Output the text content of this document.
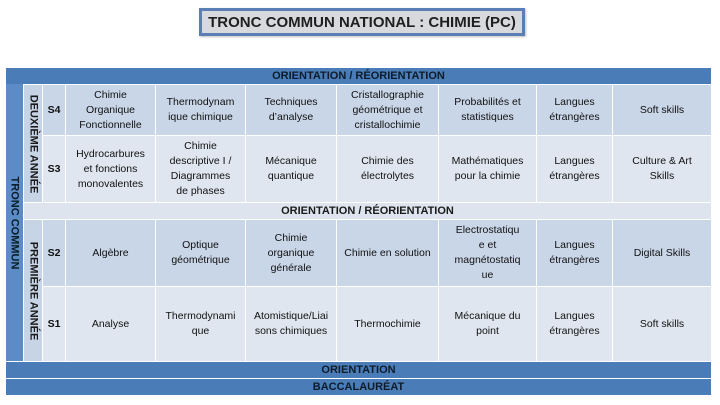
TRONC COMMUN NATIONAL : CHIMIE (PC)
ORIENTATION / RÉORIENTATION
TRONC COMMUN
DEUXIÈME ANNÉE
PREMIÈRE ANNÉE
S4
Chimie Organique
Fonctionnelle
Thermodynam
ique chimique
Techniques
d’analyse
Cristallographie
géométrique et
cristallochimie
Probabilités et
statistiques
Langues
étrangères
Soft skills
S3
Hydrocarbures
et fonctions
monovalentes
Chimie
descriptive I /
Diagrammes
de phases
Mécanique
quantique
Chimie des
électrolytes
Mathématiques
pour la chimie
Langues
étrangères
Culture & Art
Skills
ORIENTATION / RÉORIENTATION
S2	Algèbre
Optique
géométrique
Chimie
organique
générale
Chimie en solution
Electrostatiqu
e et
magnétostatiq
ue
Langues
étrangères
Digital Skills
S1	Analyse
Thermodynami
que
Atomistique/Liai
sons chimiques
Thermochimie
Mécanique du
point
Langues
étrangères
Soft skills
ORIENTATION
BACCALAURÉAT
